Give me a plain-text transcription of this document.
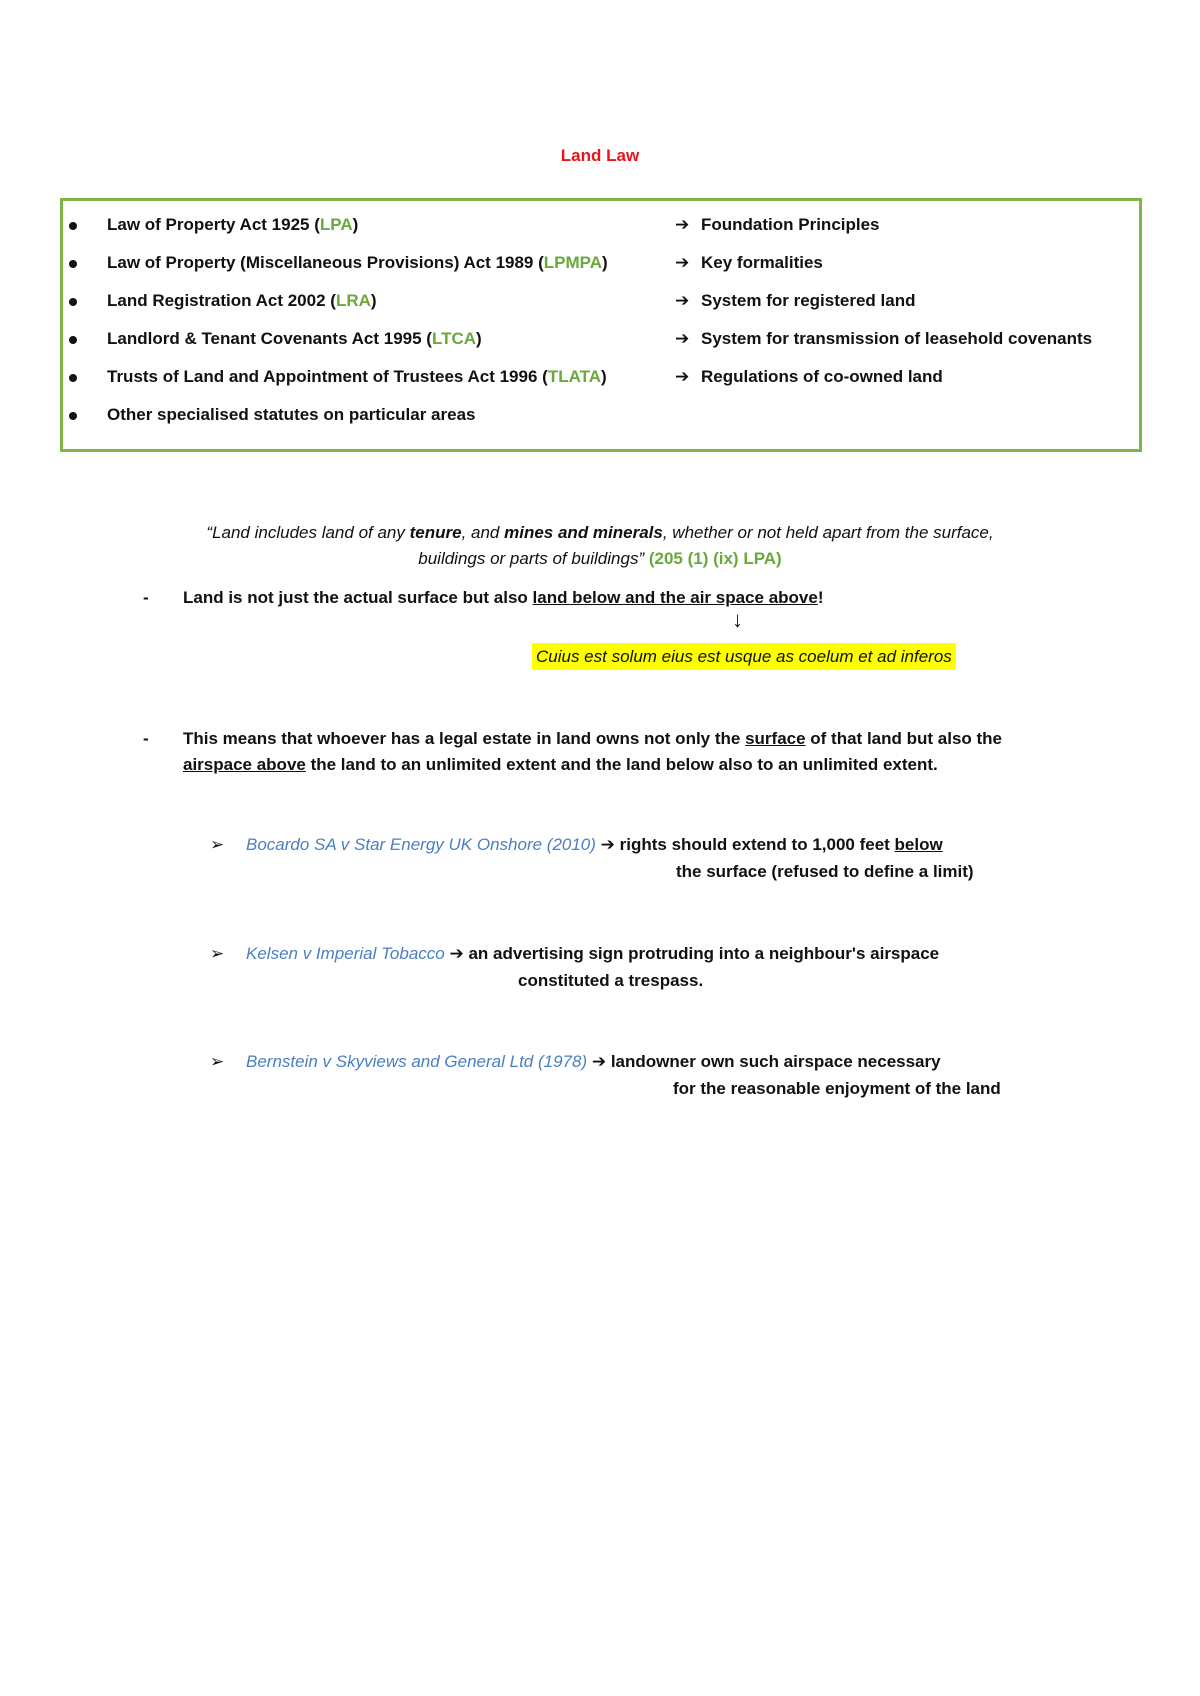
Land Law
Law of Property Act 1925 (LPA)
Law of Property (Miscellaneous Provisions) Act 1989 (LPMPA)
Land Registration Act 2002 (LRA)
Landlord & Tenant Covenants Act 1995 (LTCA)
Trusts of Land and Appointment of Trustees Act 1996 (TLATA)
Other specialised statutes on particular areas
➔ Foundation Principles
➔ Key formalities
➔ System for registered land
➔ System for transmission of leasehold covenants
➔ Regulations of co-owned land
“Land includes land of any tenure, and mines and minerals, whether or not held apart from the surface,
buildings or parts of buildings” (205 (1) (ix) LPA)
- Land is not just the actual surface but also land below and the air space above!
↓
Cuius est solum eius est usque as coelum et ad inferos
- This means that whoever has a legal estate in land owns not only the surface of that land but also the
airspace above the land to an unlimited extent and the land below also to an unlimited extent.
➢ Bocardo SA v Star Energy UK Onshore (2010) ➔ rights should extend to 1,000 feet below
the surface (refused to define a limit)
➢ Kelsen v Imperial Tobacco ➔ an advertising sign protruding into a neighbour's airspace
constituted a trespass.
➢ Bernstein v Skyviews and General Ltd (1978) ➔ landowner own such airspace necessary
for the reasonable enjoyment of the land
